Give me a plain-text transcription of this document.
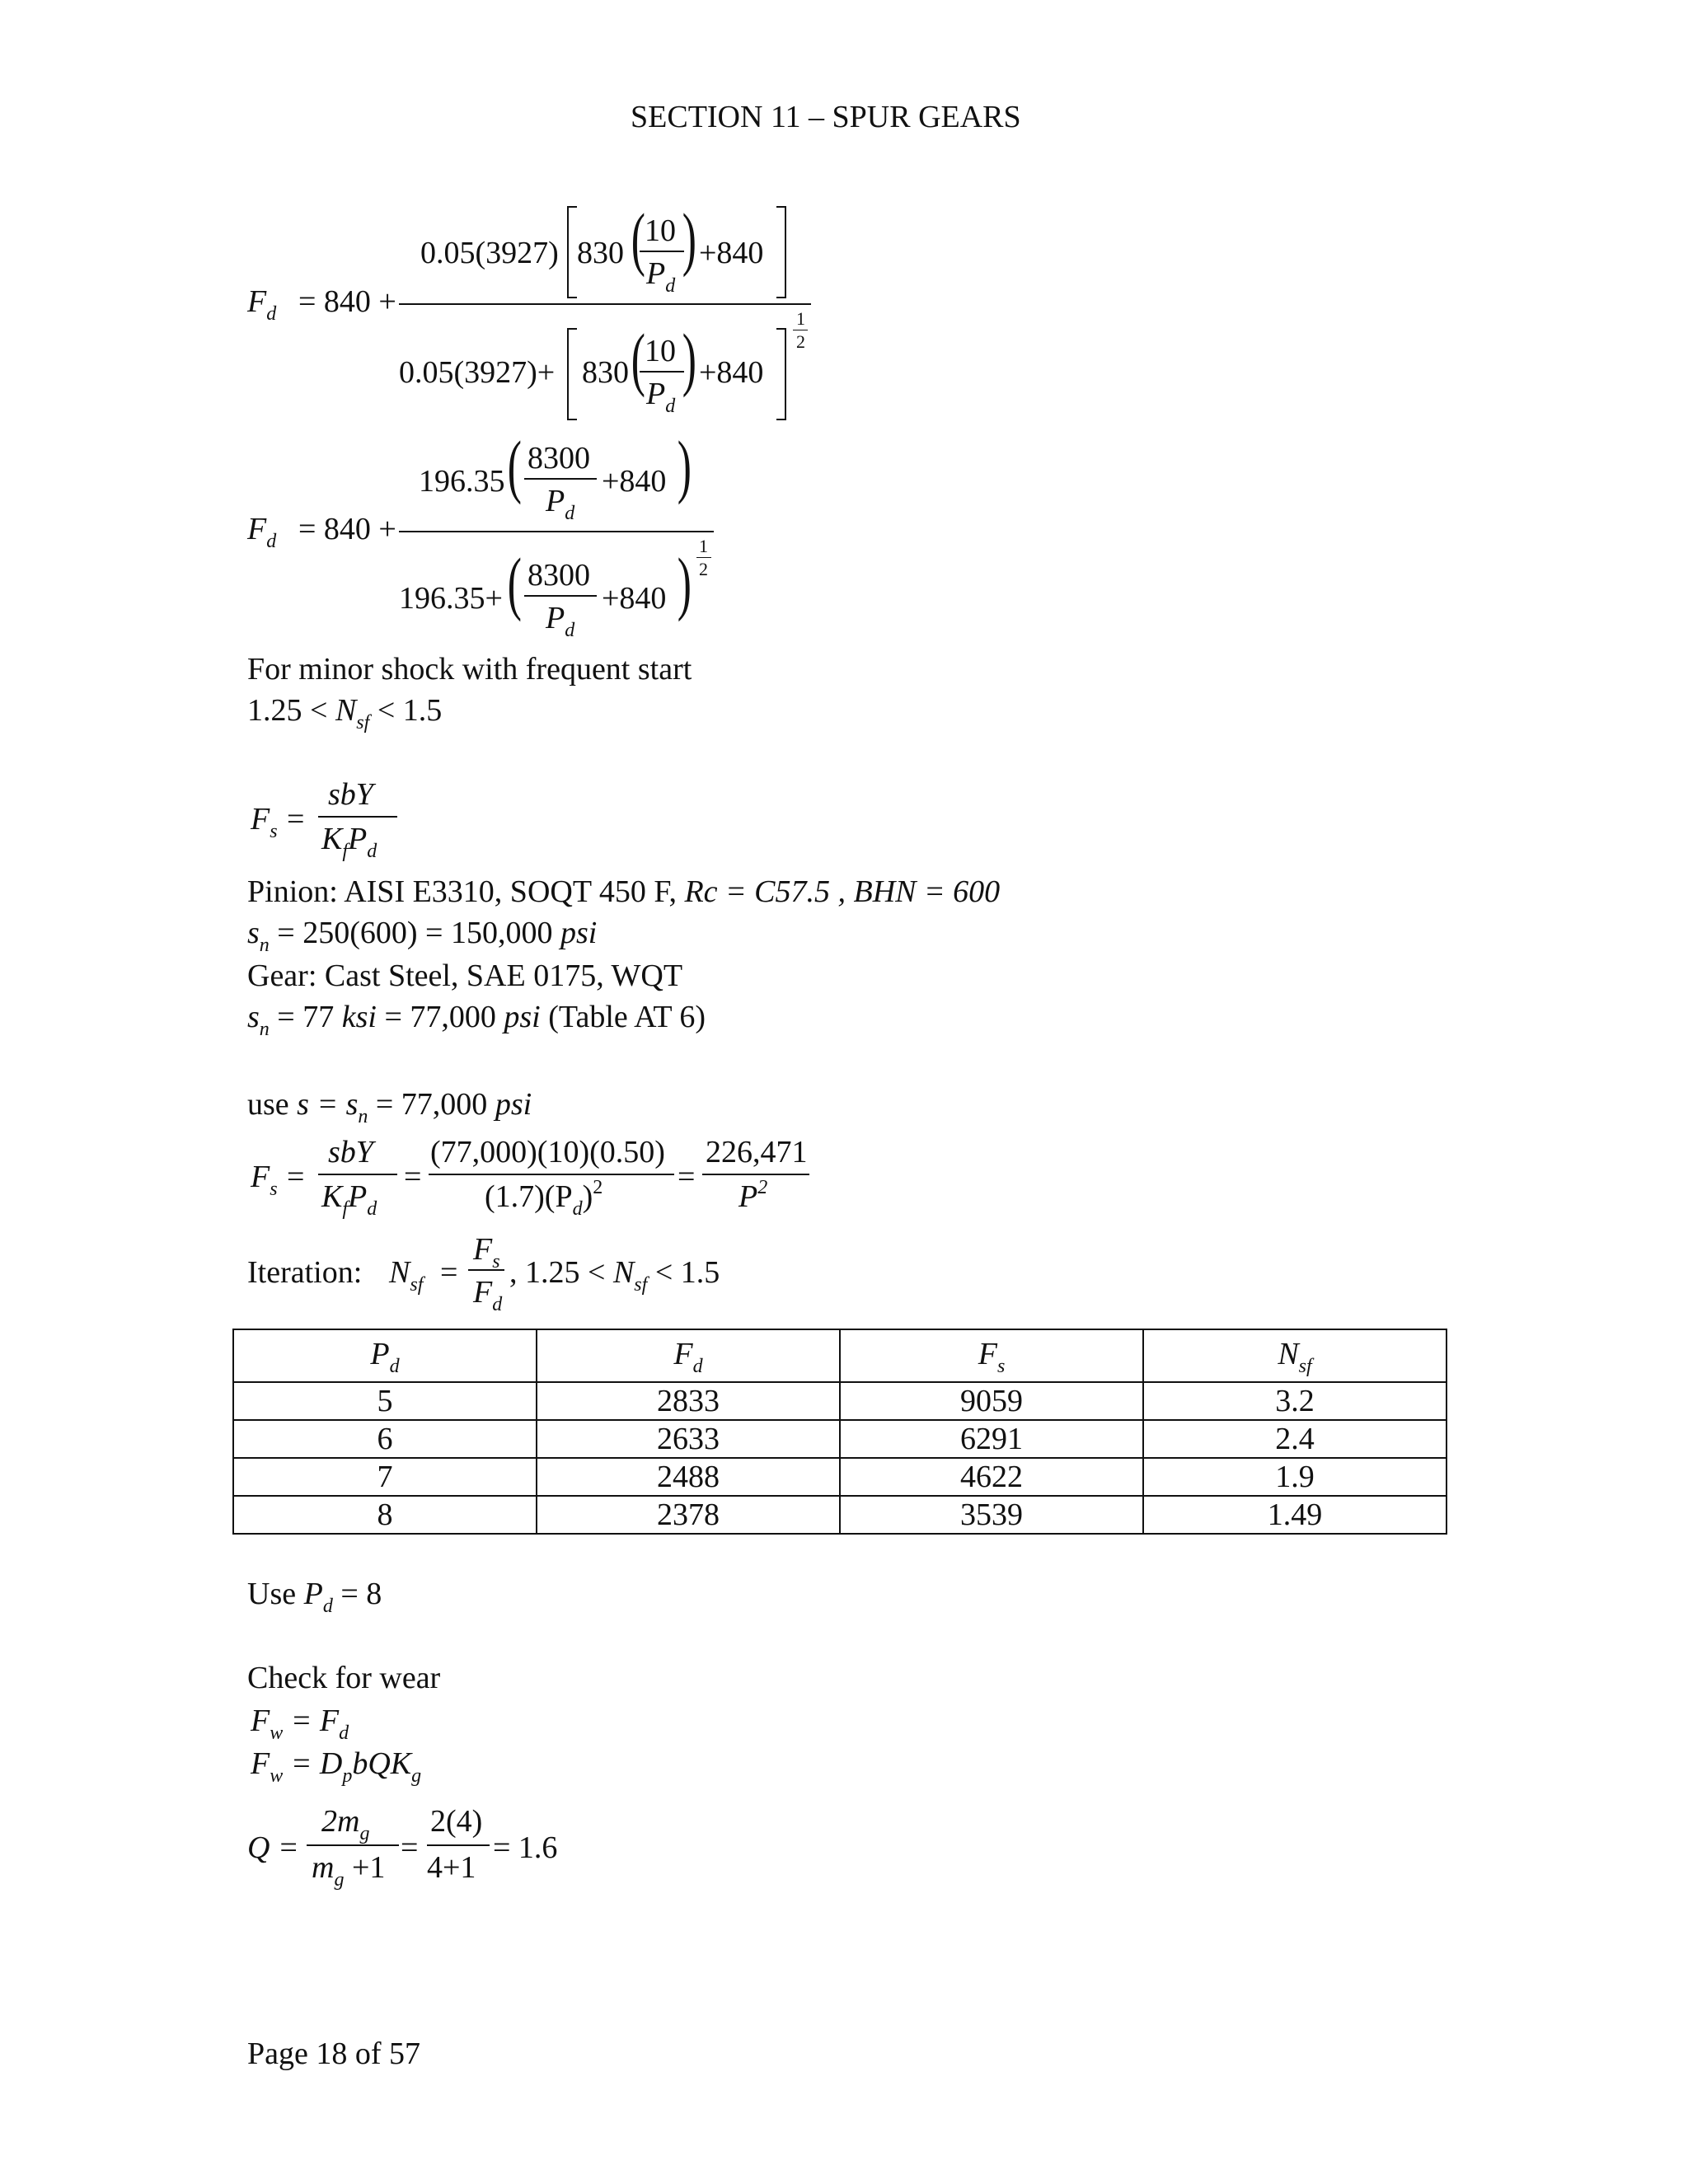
SECTION 11 – SPUR GEARS
$F_d = 840$ +
0.05(3927) 830 ( 10
$P_d$
) +840
0.05(3927)+ 830 ( 10
$P_d$
) +840
1
2
$F_d = 840$ +
196.35 ( 8300
$P_d$
+840 )
196.35+ ( 8300
$P_d$
+840 ) 1
2
For minor shock with frequent start
$1.25 < N_{sf} < 1.5$
$F_s$ =
sbY
$K_fP_d$
Pinion: AISI E3310, SOQT 450 F, Rc = C57.5 , BHN = 600
$s_n = 250(600) = 150,000$ psi
Gear: Cast Steel, SAE 0175, WQT
$s_n = 77$ ksi = 77,000 psi (Table AT 6)
use $s = s_n = 77,000$ psi
$F_s$ =
sbY
$K_fP_d$
=
(77,000)(10)(0.50)
$(1.7)(P_d)^2$ =
226,471
$P^2$
Iteration: $N_{sf}$ =
$F_s$
$F_d$
, $1.25 < N_{sf} < 1.5$
$P_d$	$F_d$	$F_s$	$N_{sf}$
5	2833	9059	3.2
6	2633	6291	2.4
7	2488	4622	1.9
8	2378	3539	1.49
Use $P_d = 8$
Check for wear
$F_w = F_d$
$F_w = D_pbQK_g$
Q =
$2m_g$
$m_g +1$
=
2(4)
4+1
= 1.6
Page 18 of 57
